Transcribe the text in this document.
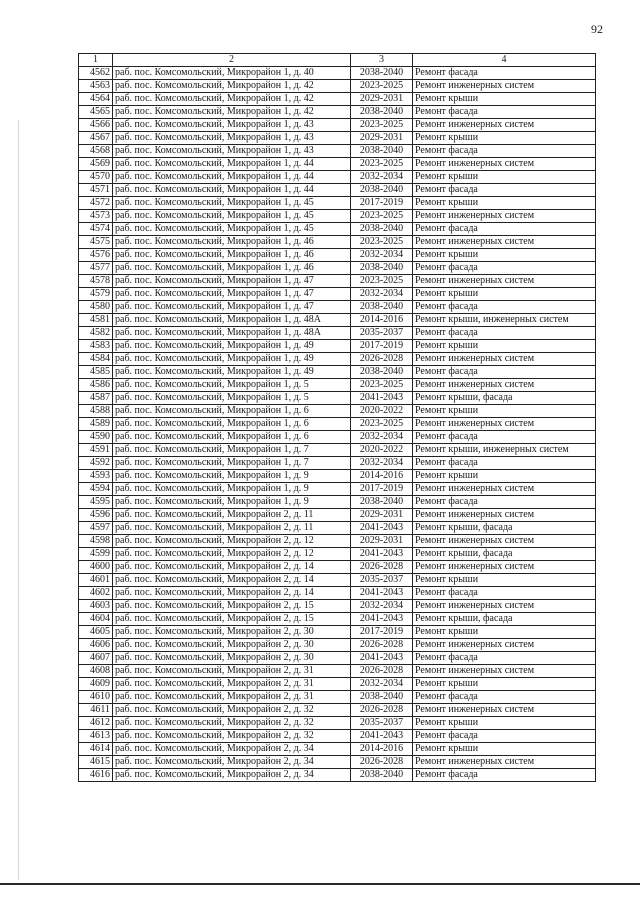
92
1	2	3	4
4562	раб. пос. Комсомольский, Микрорайон 1, д. 40	2038-2040	Ремонт фасада
4563	раб. пос. Комсомольский, Микрорайон 1, д. 42	2023-2025	Ремонт инженерных систем
4564	раб. пос. Комсомольский, Микрорайон 1, д. 42	2029-2031	Ремонт крыши
4565	раб. пос. Комсомольский, Микрорайон 1, д. 42	2038-2040	Ремонт фасада
4566	раб. пос. Комсомольский, Микрорайон 1, д. 43	2023-2025	Ремонт инженерных систем
4567	раб. пос. Комсомольский, Микрорайон 1, д. 43	2029-2031	Ремонт крыши
4568	раб. пос. Комсомольский, Микрорайон 1, д. 43	2038-2040	Ремонт фасада
4569	раб. пос. Комсомольский, Микрорайон 1, д. 44	2023-2025	Ремонт инженерных систем
4570	раб. пос. Комсомольский, Микрорайон 1, д. 44	2032-2034	Ремонт крыши
4571	раб. пос. Комсомольский, Микрорайон 1, д. 44	2038-2040	Ремонт фасада
4572	раб. пос. Комсомольский, Микрорайон 1, д. 45	2017-2019	Ремонт крыши
4573	раб. пос. Комсомольский, Микрорайон 1, д. 45	2023-2025	Ремонт инженерных систем
4574	раб. пос. Комсомольский, Микрорайон 1, д. 45	2038-2040	Ремонт фасада
4575	раб. пос. Комсомольский, Микрорайон 1, д. 46	2023-2025	Ремонт инженерных систем
4576	раб. пос. Комсомольский, Микрорайон 1, д. 46	2032-2034	Ремонт крыши
4577	раб. пос. Комсомольский, Микрорайон 1, д. 46	2038-2040	Ремонт фасада
4578	раб. пос. Комсомольский, Микрорайон 1, д. 47	2023-2025	Ремонт инженерных систем
4579	раб. пос. Комсомольский, Микрорайон 1, д. 47	2032-2034	Ремонт крыши
4580	раб. пос. Комсомольский, Микрорайон 1, д. 47	2038-2040	Ремонт фасада
4581	раб. пос. Комсомольский, Микрорайон 1, д. 48А	2014-2016	Ремонт крыши, инженерных систем
4582	раб. пос. Комсомольский, Микрорайон 1, д. 48А	2035-2037	Ремонт фасада
4583	раб. пос. Комсомольский, Микрорайон 1, д. 49	2017-2019	Ремонт крыши
4584	раб. пос. Комсомольский, Микрорайон 1, д. 49	2026-2028	Ремонт инженерных систем
4585	раб. пос. Комсомольский, Микрорайон 1, д. 49	2038-2040	Ремонт фасада
4586	раб. пос. Комсомольский, Микрорайон 1, д. 5	2023-2025	Ремонт инженерных систем
4587	раб. пос. Комсомольский, Микрорайон 1, д. 5	2041-2043	Ремонт крыши, фасада
4588	раб. пос. Комсомольский, Микрорайон 1, д. 6	2020-2022	Ремонт крыши
4589	раб. пос. Комсомольский, Микрорайон 1, д. 6	2023-2025	Ремонт инженерных систем
4590	раб. пос. Комсомольский, Микрорайон 1, д. 6	2032-2034	Ремонт фасада
4591	раб. пос. Комсомольский, Микрорайон 1, д. 7	2020-2022	Ремонт крыши, инженерных систем
4592	раб. пос. Комсомольский, Микрорайон 1, д. 7	2032-2034	Ремонт фасада
4593	раб. пос. Комсомольский, Микрорайон 1, д. 9	2014-2016	Ремонт крыши
4594	раб. пос. Комсомольский, Микрорайон 1, д. 9	2017-2019	Ремонт инженерных систем
4595	раб. пос. Комсомольский, Микрорайон 1, д. 9	2038-2040	Ремонт фасада
4596	раб. пос. Комсомольский, Микрорайон 2, д. 11	2029-2031	Ремонт инженерных систем
4597	раб. пос. Комсомольский, Микрорайон 2, д. 11	2041-2043	Ремонт крыши, фасада
4598	раб. пос. Комсомольский, Микрорайон 2, д. 12	2029-2031	Ремонт инженерных систем
4599	раб. пос. Комсомольский, Микрорайон 2, д. 12	2041-2043	Ремонт крыши, фасада
4600	раб. пос. Комсомольский, Микрорайон 2, д. 14	2026-2028	Ремонт инженерных систем
4601	раб. пос. Комсомольский, Микрорайон 2, д. 14	2035-2037	Ремонт крыши
4602	раб. пос. Комсомольский, Микрорайон 2, д. 14	2041-2043	Ремонт фасада
4603	раб. пос. Комсомольский, Микрорайон 2, д. 15	2032-2034	Ремонт инженерных систем
4604	раб. пос. Комсомольский, Микрорайон 2, д. 15	2041-2043	Ремонт крыши, фасада
4605	раб. пос. Комсомольский, Микрорайон 2, д. 30	2017-2019	Ремонт крыши
4606	раб. пос. Комсомольский, Микрорайон 2, д. 30	2026-2028	Ремонт инженерных систем
4607	раб. пос. Комсомольский, Микрорайон 2, д. 30	2041-2043	Ремонт фасада
4608	раб. пос. Комсомольский, Микрорайон 2, д. 31	2026-2028	Ремонт инженерных систем
4609	раб. пос. Комсомольский, Микрорайон 2, д. 31	2032-2034	Ремонт крыши
4610	раб. пос. Комсомольский, Микрорайон 2, д. 31	2038-2040	Ремонт фасада
4611	раб. пос. Комсомольский, Микрорайон 2, д. 32	2026-2028	Ремонт инженерных систем
4612	раб. пос. Комсомольский, Микрорайон 2, д. 32	2035-2037	Ремонт крыши
4613	раб. пос. Комсомольский, Микрорайон 2, д. 32	2041-2043	Ремонт фасада
4614	раб. пос. Комсомольский, Микрорайон 2, д. 34	2014-2016	Ремонт крыши
4615	раб. пос. Комсомольский, Микрорайон 2, д. 34	2026-2028	Ремонт инженерных систем
4616	раб. пос. Комсомольский, Микрорайон 2, д. 34	2038-2040	Ремонт фасада
